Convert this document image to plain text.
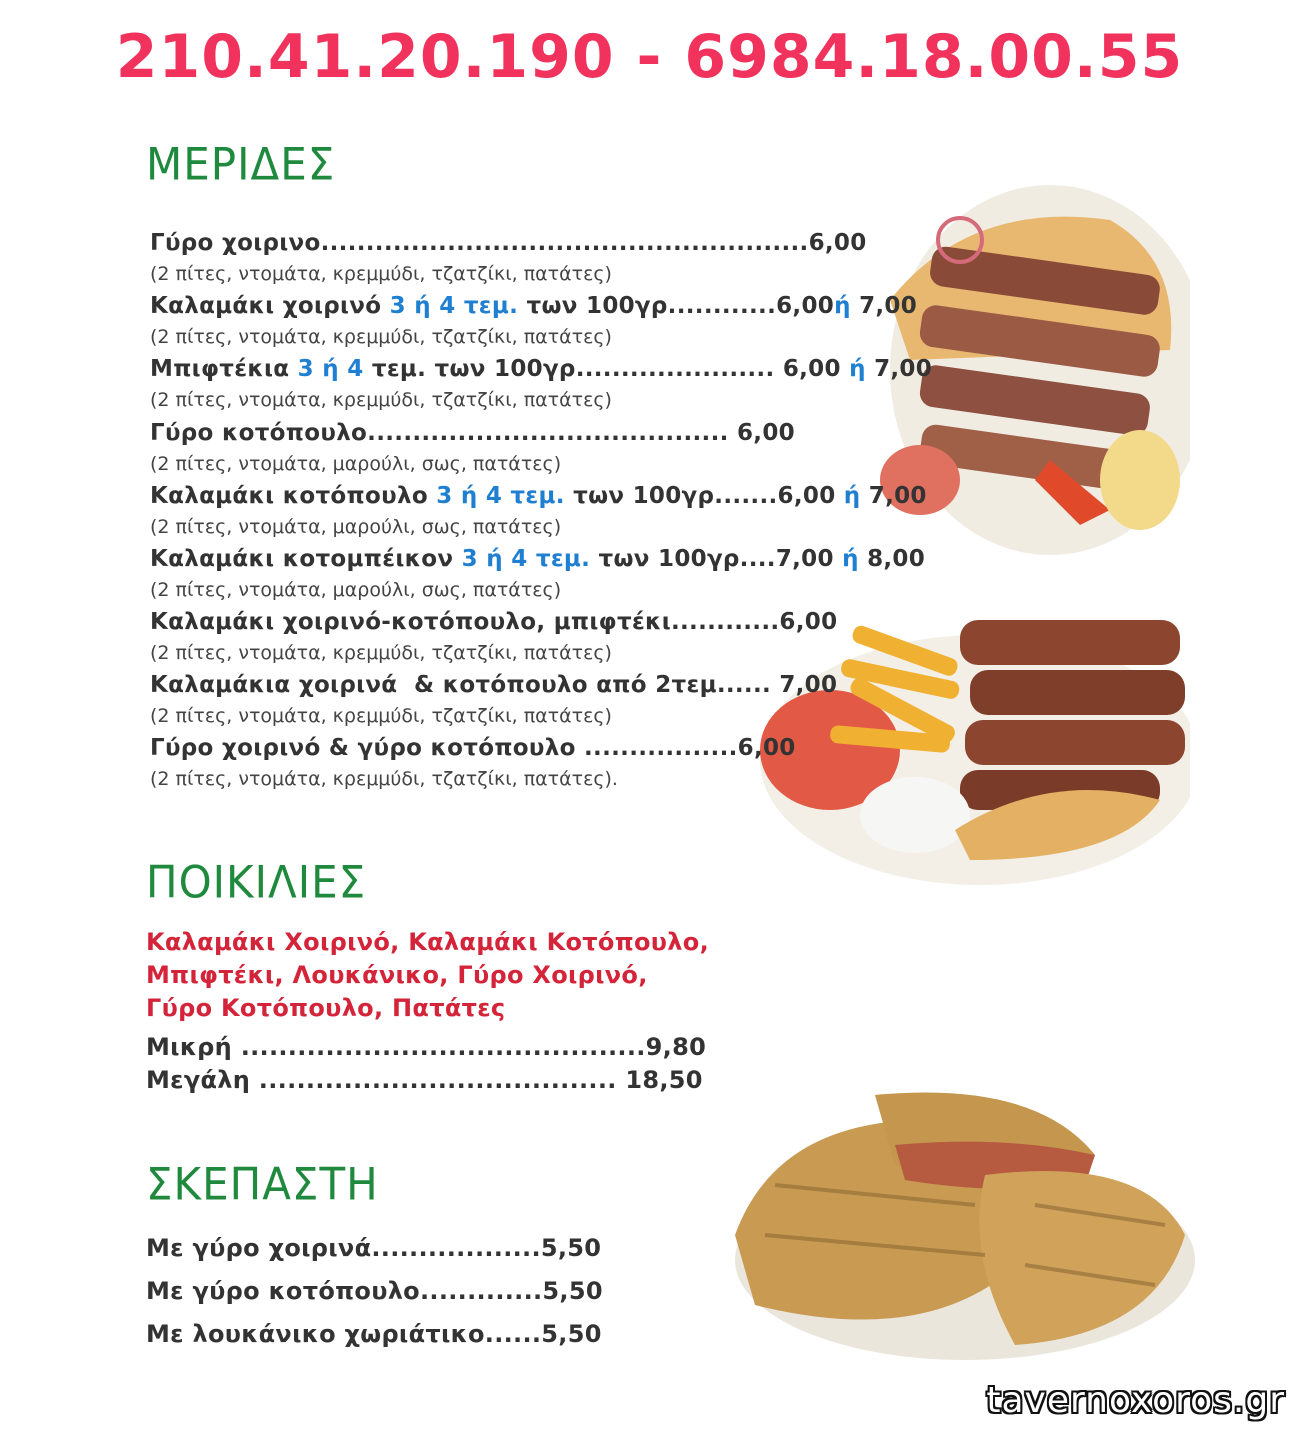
210.41.20.190 - 6984.18.00.55
ΜΕΡΙΔΕΣ
Γύρο χοιρινο......................................................6,00
(2 πίτες, ντομάτα, κρεμμύδι, τζατζίκι, πατάτες)
Καλαμάκι χοιρινό 3 ή 4 τεμ. των 100γρ............6,00ή 7,00
(2 πίτες, ντομάτα, κρεμμύδι, τζατζίκι, πατάτες)
Μπιφτέκια 3 ή 4 τεμ. των 100γρ...................... 6,00 ή 7,00
(2 πίτες, ντομάτα, κρεμμύδι, τζατζίκι, πατάτες)
Γύρο κοτόπουλο........................................ 6,00
(2 πίτες, ντομάτα, μαρούλι, σως, πατάτες)
Καλαμάκι κοτόπουλο 3 ή 4 τεμ. των 100γρ.......6,00 ή 7,00
(2 πίτες, ντομάτα, μαρούλι, σως, πατάτες)
Καλαμάκι κοτομπέικον 3 ή 4 τεμ. των 100γρ....7,00 ή 8,00
(2 πίτες, ντομάτα, μαρούλι, σως, πατάτες)
Καλαμάκι χοιρινό-κοτόπουλο, μπιφτέκι............6,00
(2 πίτες, ντομάτα, κρεμμύδι, τζατζίκι, πατάτες)
Καλαμάκια χοιρινά  & κοτόπουλο από 2τεμ...... 7,00
(2 πίτες, ντομάτα, κρεμμύδι, τζατζίκι, πατάτες)
Γύρο χοιρινό & γύρο κοτόπουλο .................6,00
(2 πίτες, ντομάτα, κρεμμύδι, τζατζίκι, πατάτες).
ΠΟΙΚΙΛΙΕΣ
Καλαμάκι Χοιρινό, Καλαμάκι Κοτόπουλο,
Μπιφτέκι, Λουκάνικο, Γύρο Χοιρινό,
Γύρο Κοτόπουλο, Πατάτες
Μικρή ...........................................9,80
Μεγάλη ...................................... 18,50
ΣΚΕΠΑΣΤΗ
Με γύρο χοιρινά..................5,50
Με γύρο κοτόπουλο.............5,50
Με λουκάνικο χωριάτικο......5,50
tavernoxoros.gr
